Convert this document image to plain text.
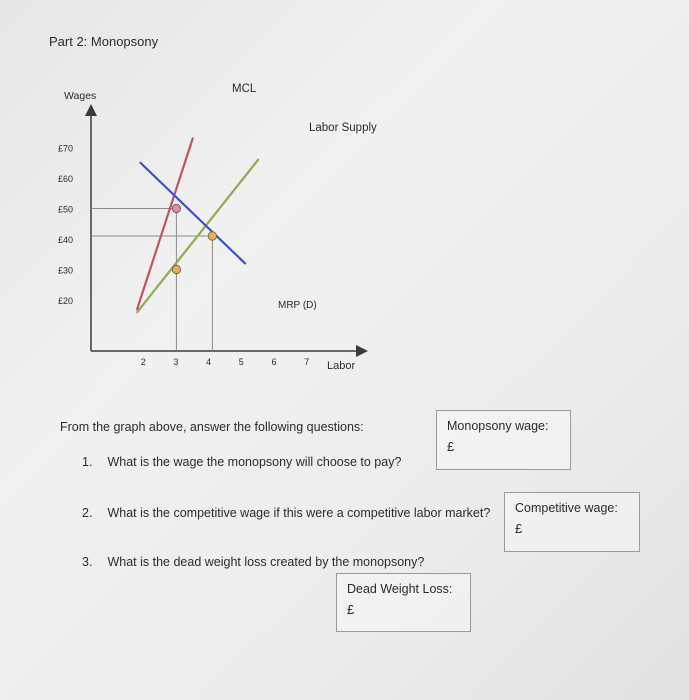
Part 2: Monopsony
£70
£60
£50
£40
£30
£20
2	3	4	5	6	7
Wages
Labor
MCL
Labor Supply
MRP (D)
From the graph above, answer the following questions:
1. What is the wage the monopsony will choose to pay?
2. What is the competitive wage if this were a competitive labor market?
3. What is the dead weight loss created by the monopsony?
Monopsony wage:
£
Competitive wage:
£
Dead Weight Loss:
£
